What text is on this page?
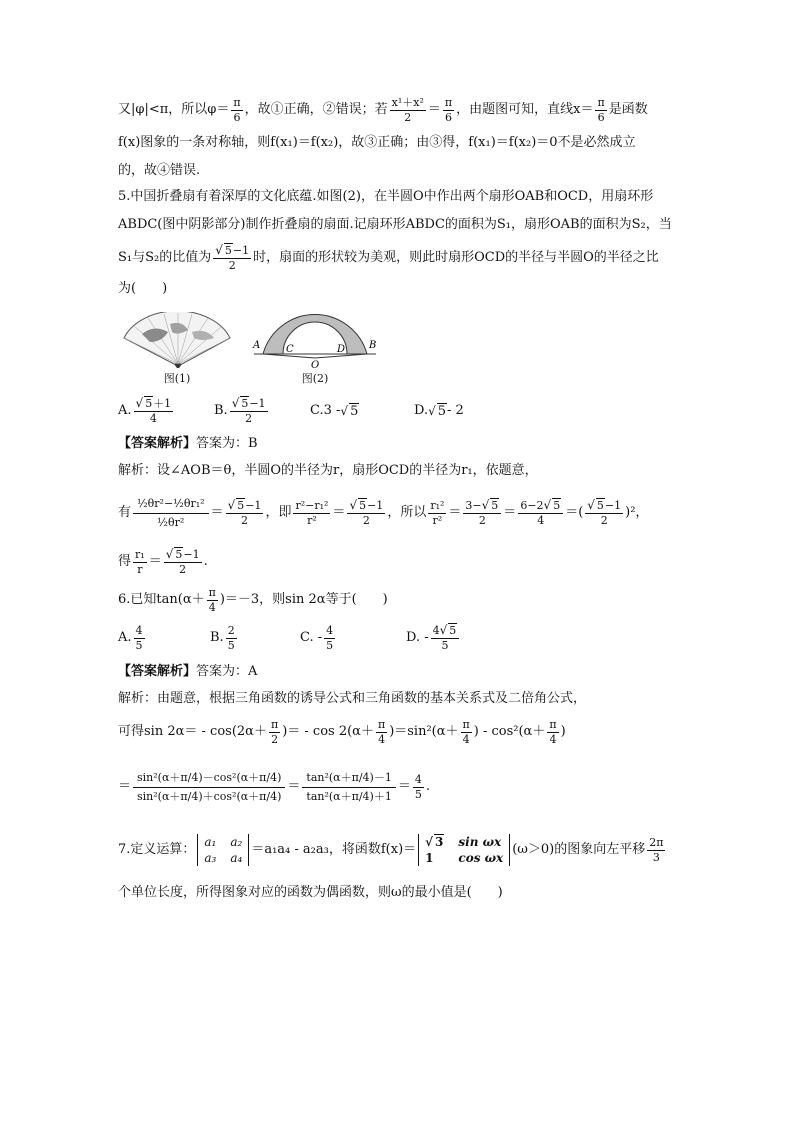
又|φ|<π，所以$\varphi= \frac{\pi}{6}$ ，故①正确，②错误；若 $\frac{\text{x¹＋x²}}{2} = \frac{\pi}{6}$ ，由题图可知，直线$x= \frac{\pi}{6}$ 是函数
f(x)图象的一条对称轴，则f(x₁)＝f(x₂)，故③正确；由③得，f(x₁)＝f(x₂)＝0不是必然成立
的，故④错误.
5.中国折叠扇有着深厚的文化底蕴.如图(2)，在半圆O中作出两个扇形OAB和OCD，用扇环形
ABDC(图中阴影部分)制作折叠扇的扇面.记扇环形ABDC的面积为S₁，扇形OAB的面积为S₂，当
S₁与S₂的比值为 $\frac{√ 5-1}{2}$ 时，扇面的形状较为美观，则此时扇形OCD的半径与半圆O的半径之比
为(　　)
图(1)
A	B
C	D
O
图(2)
A. $\frac{√ 5+1}{4}$	B. $\frac{√ 5-1}{2}$	C.3 - √ 5	D. √ 5 - 2
【答案解析】 答案为：B
解析：设∠AOB＝θ，半圆O的半径为r，扇形OCD的半径为r₁，依题意，
有 $\frac{\text{½θr²−½θr₁²}}{\text{½θr²}} = \frac{√ 5-1}{2}$ ，即 $\frac{\text{r²−r₁²}}{\text{r²}} = \frac{√ 5-1}{2}$ ，所以 $\frac{\text{r₁²}}{\text{r²}} = \frac{3-√ 5}{2} = \frac{6-2√ 5}{4}$ ＝( $\frac{√ 5-1}{2} )^2$，
得 $\frac{\text{r₁}}{r} = \frac{√ 5-1}{2}$ .
6.已知$\tan(\alpha+ \frac{\pi}{4} )=-3$，则sin 2α等于(　　)
A. $\frac{4}{5}$	B. $\frac{2}{5}$	C. - $\frac{4}{5}$	D. - $\frac{4√ 5}{5}$
【答案解析】 答案为：A
解析：由题意，根据三角函数的诱导公式和三角函数的基本关系式及二倍角公式，
可得$\sin 2\alpha= - \cos(2\alpha+ \frac{\pi}{2}$ )＝ - $\cos 2(\alpha+ \frac{\pi}{4} )=\sin^2(\alpha+ \frac{\pi}{4}$ ) - $\cos^2(\alpha+ \frac{\pi}{4}$ )
＝ $\frac{\text{sin²(α＋π/4)－cos²(α＋π/4)}}{\text{sin²(α＋π/4)＋cos²(α＋π/4)}} = \frac{\text{tan²(α＋π/4)－1}}{\text{tan²(α＋π/4)＋1}} = \frac{4}{5}$ .
7.定义运算：
a₁ a₂
a₃ a₄
＝a₁a₄ - a₂a₃，将函数f(x)＝
√ 3 sin ωx
1	cos ωx
(ω＞0)的图象向左平移 $\frac{2\pi}{3}$
个单位长度，所得图象对应的函数为偶函数，则ω的最小值是(　　)
